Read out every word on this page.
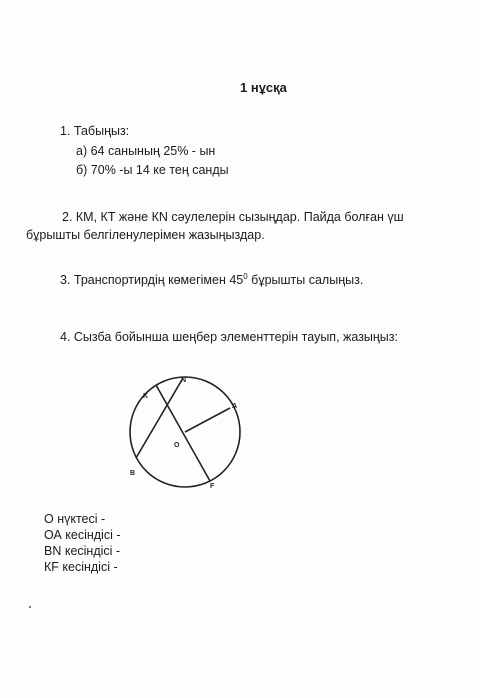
1 нұсқа
1. Табыңыз:
а) 64 санының 25% - ын
б) 70% -ы 14 ке тең санды
2. КМ, КТ және КN сәулелерін сызыңдар. Пайда болған үш
бұрышты белгіленулерімен жазыңыздар.
3. Транспортирдің көмегімен $45^0$ бұрышты салыңыз.
4. Сызба бойынша шеңбер элементтерін тауып, жазыңыз:
K
N
A
O
B
F
О нүктесі -
ОА кесіндісі -
ВN кесіндісі -
КF кесіндісі -
